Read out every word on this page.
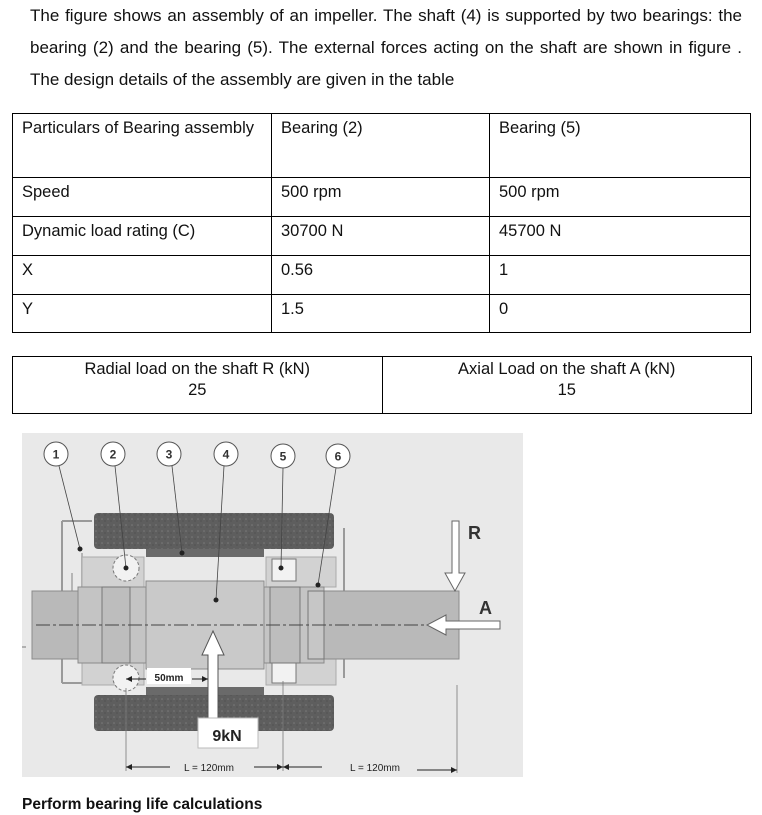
The figure shows an assembly of an impeller. The shaft (4) is supported by two bearings: the bearing (2) and the bearing (5). The external forces acting on the shaft are shown in figure . The design details of the assembly are given in the table

Particulars of Bearing assembly	Bearing (2)	Bearing (5)
Speed	500 rpm	500 rpm
Dynamic load rating (C)	30700 N	45700 N
X	0.56	1
Y	1.5	0
Radial load on the shaft R (kN)
25

Axial Load on the shaft A (kN)
15
1	2	3	4	5	6
R
A
9kN
50mm
L = 120mm	L = 120mm
Perform bearing life calculations
